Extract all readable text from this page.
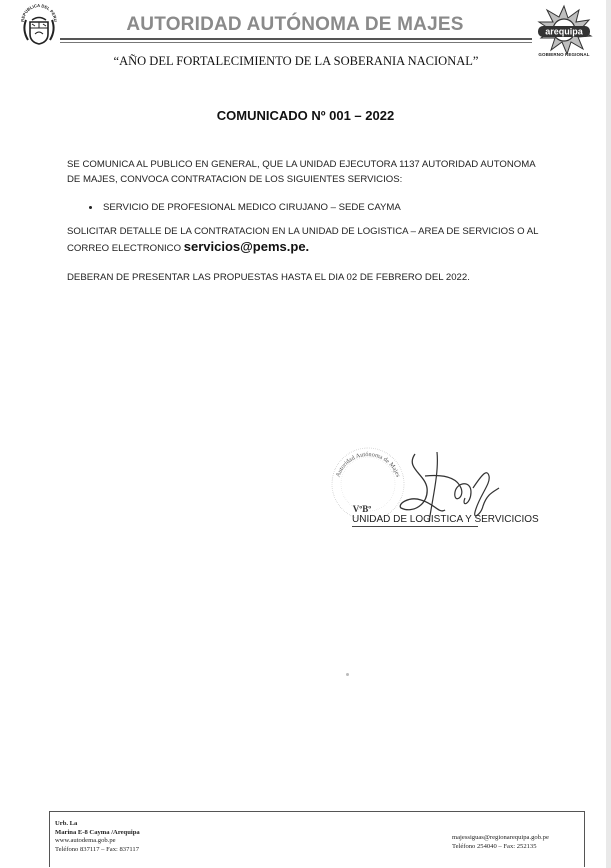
REPUBLICA DEL PERU	AUTORIDAD AUTÓNOMA DE MAJES	arequipa
GOBIERNO REGIONAL
“AÑO DEL FORTALECIMIENTO DE LA SOBERANIA NACIONAL”
COMUNICADO Nº 001 – 2022
SE COMUNICA AL PUBLICO EN GENERAL, QUE LA UNIDAD EJECUTORA 1137 AUTORIDAD AUTONOMA DE MAJES, CONVOCA CONTRATACION DE LOS SIGUIENTES SERVICIOS:
SERVICIO DE PROFESIONAL MEDICO CIRUJANO – SEDE CAYMA
SOLICITAR DETALLE DE LA CONTRATACION EN LA UNIDAD DE LOGISTICA – AREA DE SERVICIOS O AL CORREO ELECTRONICO servicios@pems.pe.
DEBERAN DE PRESENTAR LAS PROPUESTAS HASTA EL DIA 02 DE FEBRERO DEL 2022.
Autoridad Autónoma de Majes
VºBº
UNIDAD DE LOGISTICA Y SERVICICIOS
Urb. La
Marina E-8 Cayma /Arequipa
www.autodema.gob.pe
Teléfono 837117 – Fax: 837117
majessiguas@regionarequipa.gob.pe
Teléfono 254040 – Fax: 252135
